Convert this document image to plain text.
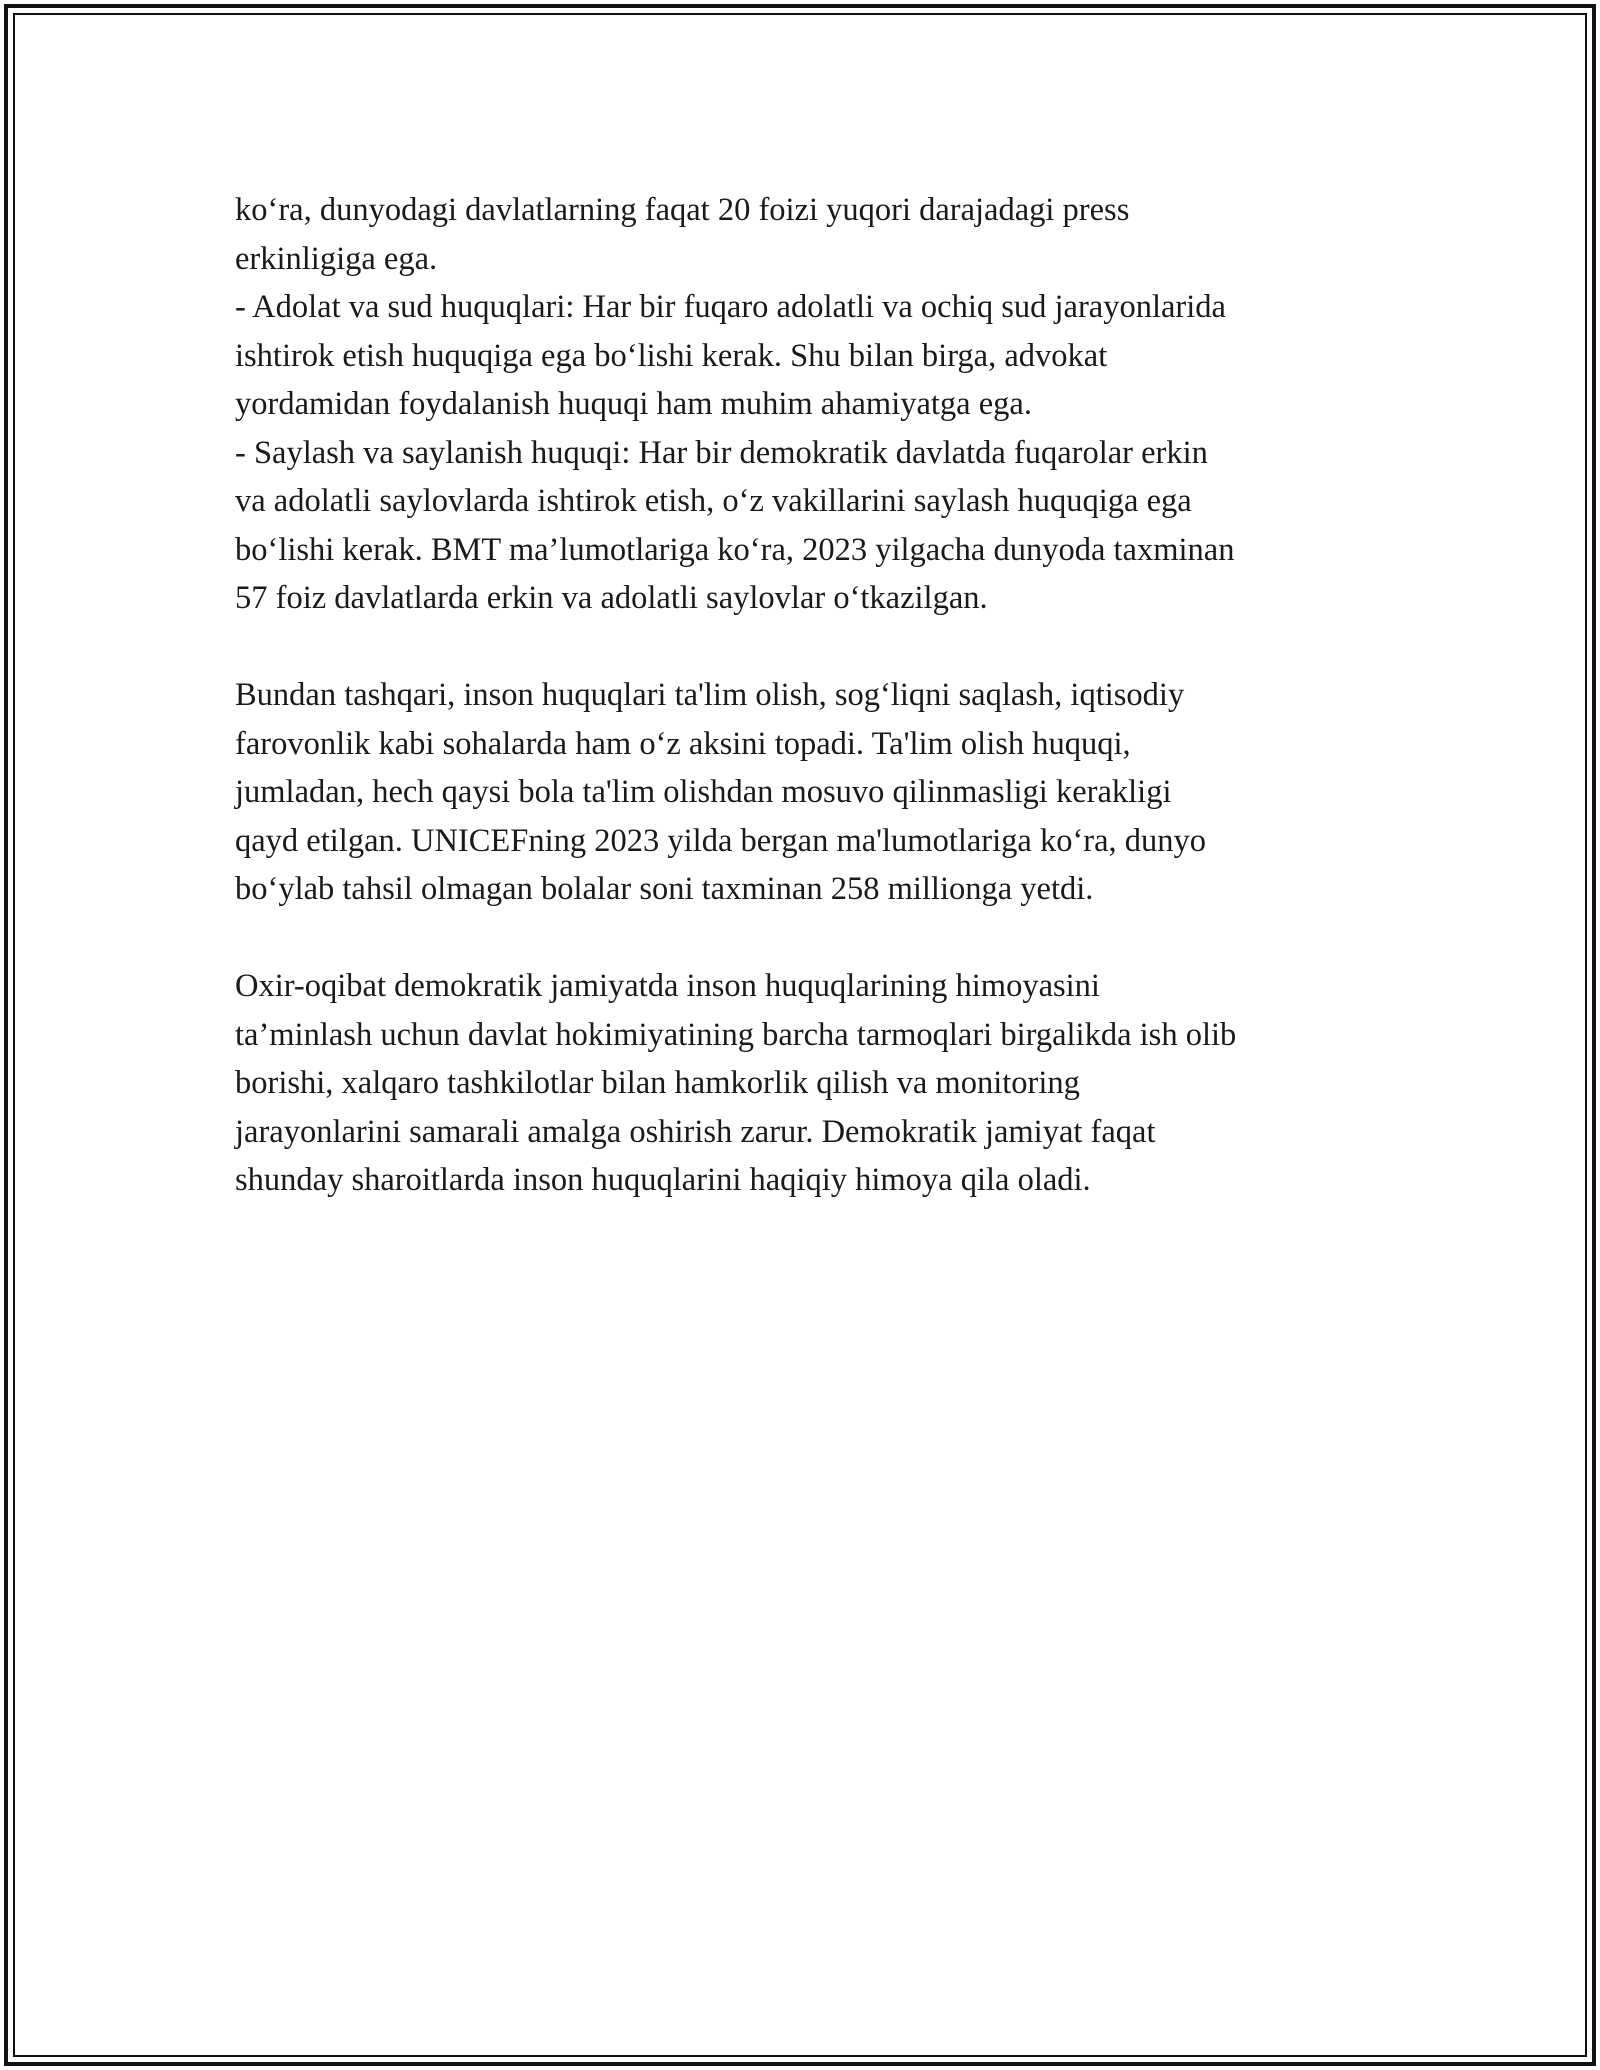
ko‘ra, dunyodagi davlatlarning faqat 20 foizi yuqori darajadagi press
erkinligiga ega.
- Adolat va sud huquqlari: Har bir fuqaro adolatli va ochiq sud jarayonlarida
ishtirok etish huquqiga ega bo‘lishi kerak. Shu bilan birga, advokat
yordamidan foydalanish huquqi ham muhim ahamiyatga ega.
- Saylash va saylanish huquqi: Har bir demokratik davlatda fuqarolar erkin
va adolatli saylovlarda ishtirok etish, o‘z vakillarini saylash huquqiga ega
bo‘lishi kerak. BMT ma’lumotlariga ko‘ra, 2023 yilgacha dunyoda taxminan
57 foiz davlatlarda erkin va adolatli saylovlar o‘tkazilgan.
Bundan tashqari, inson huquqlari ta'lim olish, sog‘liqni saqlash, iqtisodiy
farovonlik kabi sohalarda ham o‘z aksini topadi. Ta'lim olish huquqi,
jumladan, hech qaysi bola ta'lim olishdan mosuvo qilinmasligi kerakligi
qayd etilgan. UNICEFning 2023 yilda bergan ma'lumotlariga ko‘ra, dunyo
bo‘ylab tahsil olmagan bolalar soni taxminan 258 millionga yetdi.
Oxir-oqibat demokratik jamiyatda inson huquqlarining himoyasini
ta’minlash uchun davlat hokimiyatining barcha tarmoqlari birgalikda ish olib
borishi, xalqaro tashkilotlar bilan hamkorlik qilish va monitoring
jarayonlarini samarali amalga oshirish zarur. Demokratik jamiyat faqat
shunday sharoitlarda inson huquqlarini haqiqiy himoya qila oladi.
